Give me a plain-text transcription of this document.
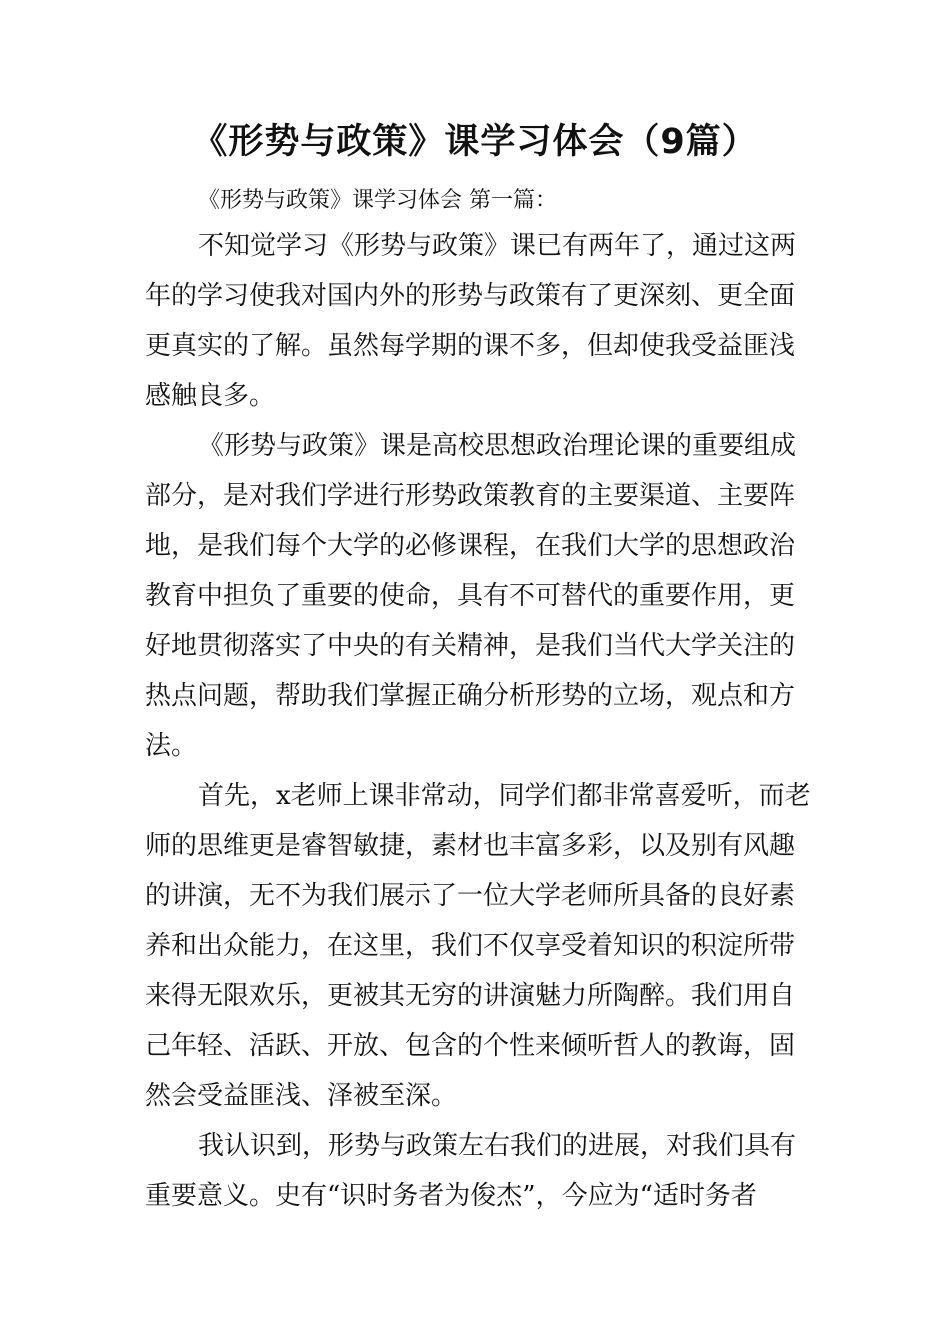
《形势与政策》课学习体会（9篇）
《形势与政策》课学习体会 第一篇：
不知觉学习《形势与政策》课已有两年了，通过这两
年的学习使我对国内外的形势与政策有了更深刻、更全面
更真实的了解。虽然每学期的课不多，但却使我受益匪浅
感触良多。
《形势与政策》课是高校思想政治理论课的重要组成
部分，是对我们学进行形势政策教育的主要渠道、主要阵
地，是我们每个大学的必修课程，在我们大学的思想政治
教育中担负了重要的使命，具有不可替代的重要作用，更
好地贯彻落实了中央的有关精神，是我们当代大学关注的
热点问题，帮助我们掌握正确分析形势的立场，观点和方
法。
首先，x老师上课非常动，同学们都非常喜爱听，而老
师的思维更是睿智敏捷，素材也丰富多彩，以及别有风趣
的讲演，无不为我们展示了一位大学老师所具备的良好素
养和出众能力，在这里，我们不仅享受着知识的积淀所带
来得无限欢乐，更被其无穷的讲演魅力所陶醉。我们用自
己年轻、活跃、开放、包含的个性来倾听哲人的教诲，固
然会受益匪浅、泽被至深。
我认识到，形势与政策左右我们的进展，对我们具有
重要意义。史有“识时务者为俊杰”，今应为“适时务者
